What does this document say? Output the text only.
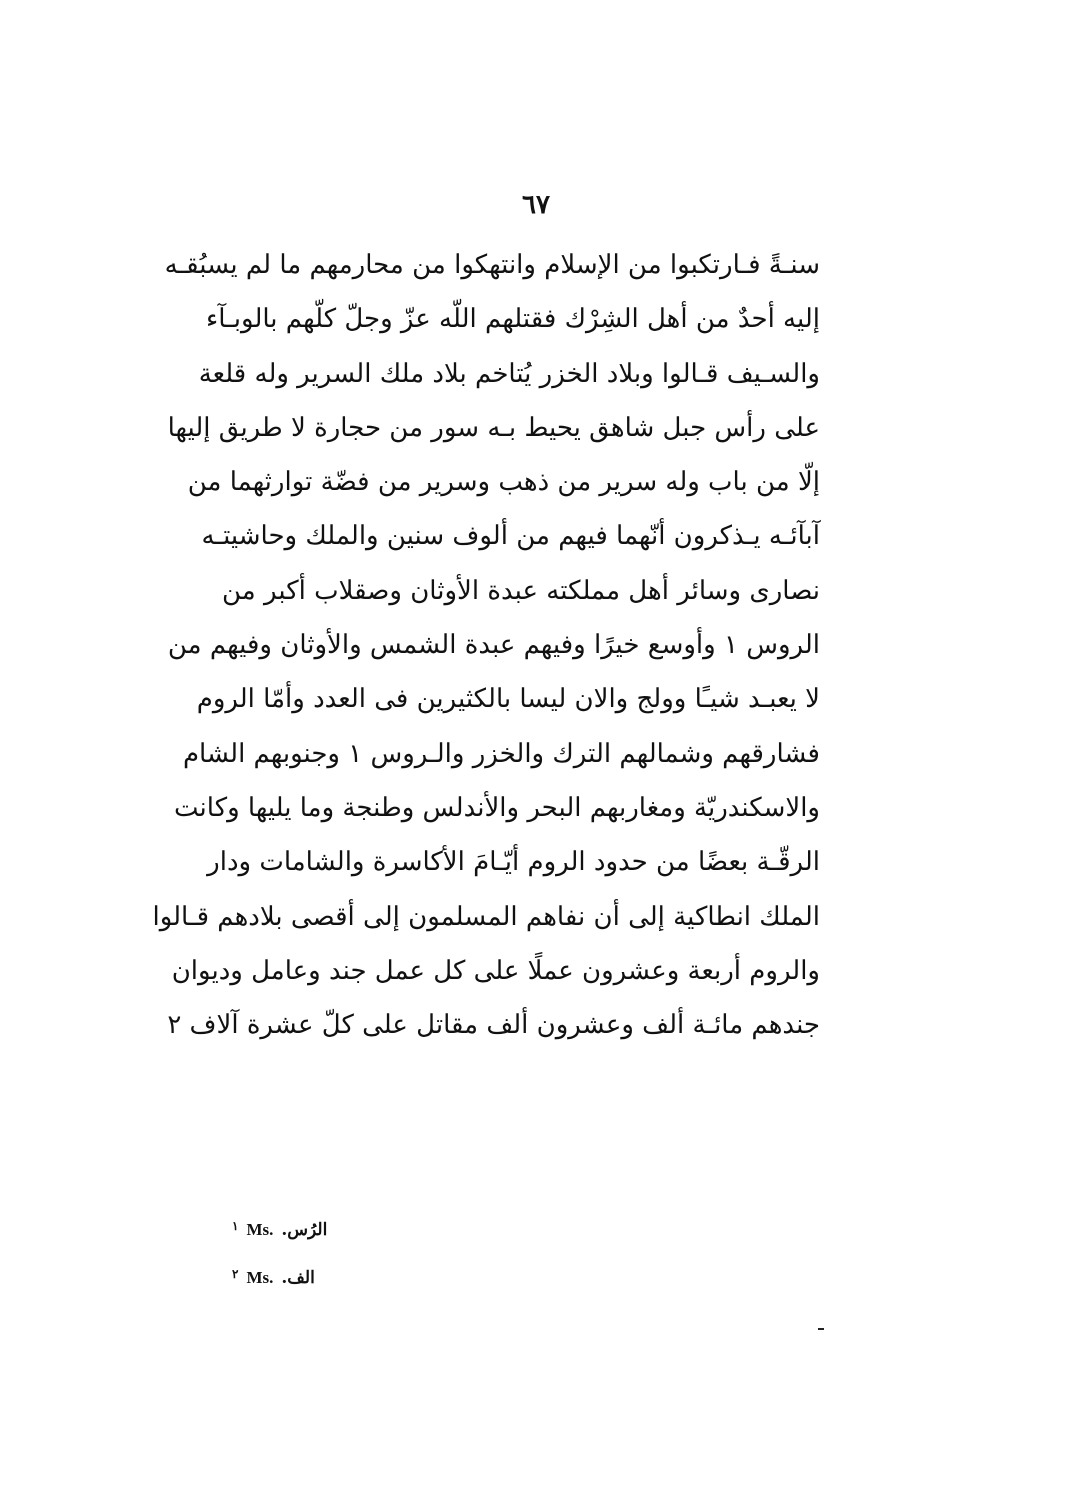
٦٧
سنـةً فـارتكبوا من الإسلام وانتهكوا من محارمهم ما لم يسبُقـه
إليه أحدٌ من أهل الشِرْك فقتلهم اللّه عزّ وجلّ كلّهم بالوبـآء
والسـيف قـالوا وبلاد الخزر يُتاخم بلاد ملك السرير وله قلعة
على رأس جبل شاهق يحيط بـه سور من حجارة لا طريق إليها
إلّا من باب وله سرير من ذهب وسرير من فضّة توارثهما من
آبآئـه يـذكرون أنّهما فيهم من ألوف سنين والملك وحاشيتـه
نصارى وسائر أهل مملكته عبدة الأوثان وصقلاب أكبر من
الروس ١ وأوسع خيرًا وفيهم عبدة الشمس والأوثان وفيهم من
لا يعبـد شيـًا وولج والان ليسا بالكثيرين فى العدد وأمّا الروم
فشارقهم وشمالهم الترك والخزر والـروس ١ وجنوبهم الشام
والاسكندريّة ومغاربهم البحر والأندلس وطنجة وما يليها وكانت
الرقّـة بعضًا من حدود الروم أيّـامَ الأكاسرة والشامات ودار
الملك انطاكية إلى أن نفاهم المسلمون إلى أقصى بلادهم قـالوا
والروم أربعة وعشرون عملًا على كل عمل جند وعامل وديوان
جندهم مائـة ألف وعشرون ألف مقاتل على كلّ عشرة آلاف ٢
١ Ms. الرُس.
٢ Ms. الف.
